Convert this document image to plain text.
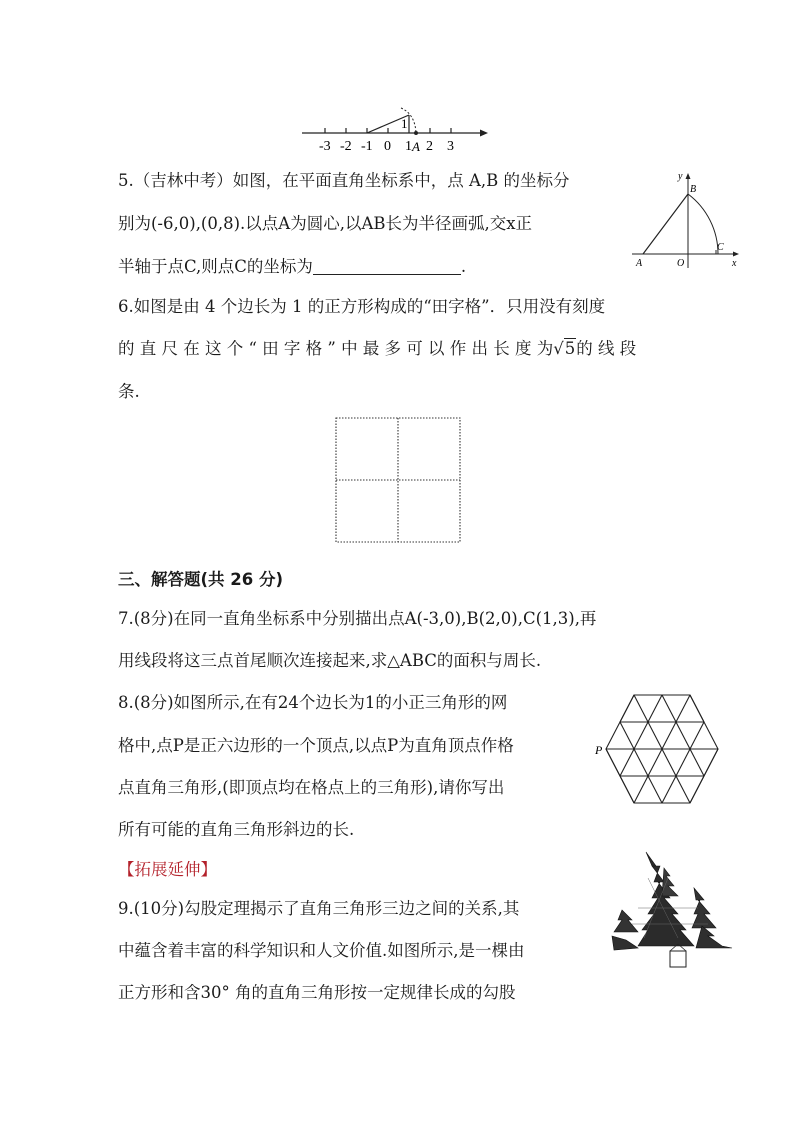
1
A
-3 -2 -1 0 1 2 3
5.（吉林中考）如图，在平面直角坐标系中，点 A,B 的坐标分
别为(-6,0),(0,8).以点A为圆心,以AB长为半径画弧,交x正
半轴于点C,则点C的坐标为	.
y
x
A	O
B
C
6.如图是由 4 个边长为 1 的正方形构成的“田字格”．只用没有刻度
的 直 尺 在 这 个 “ 田 字 格 ” 中 最 多 可 以 作 出 长 度 为√5的 线 段
条.
三、解答题(共 26 分)
7.(8分)在同一直角坐标系中分别描出点A(-3,0),B(2,0),C(1,3),再
用线段将这三点首尾顺次连接起来,求△ABC的面积与周长.
8.(8分)如图所示,在有24个边长为1的小正三角形的网
格中,点P是正六边形的一个顶点,以点P为直角顶点作格
点直角三角形,(即顶点均在格点上的三角形),请你写出
所有可能的直角三角形斜边的长.
P
【拓展延伸】
9.(10分)勾股定理揭示了直角三角形三边之间的关系,其
中蕴含着丰富的科学知识和人文价值.如图所示,是一棵由
正方形和含30° 角的直角三角形按一定规律长成的勾股
